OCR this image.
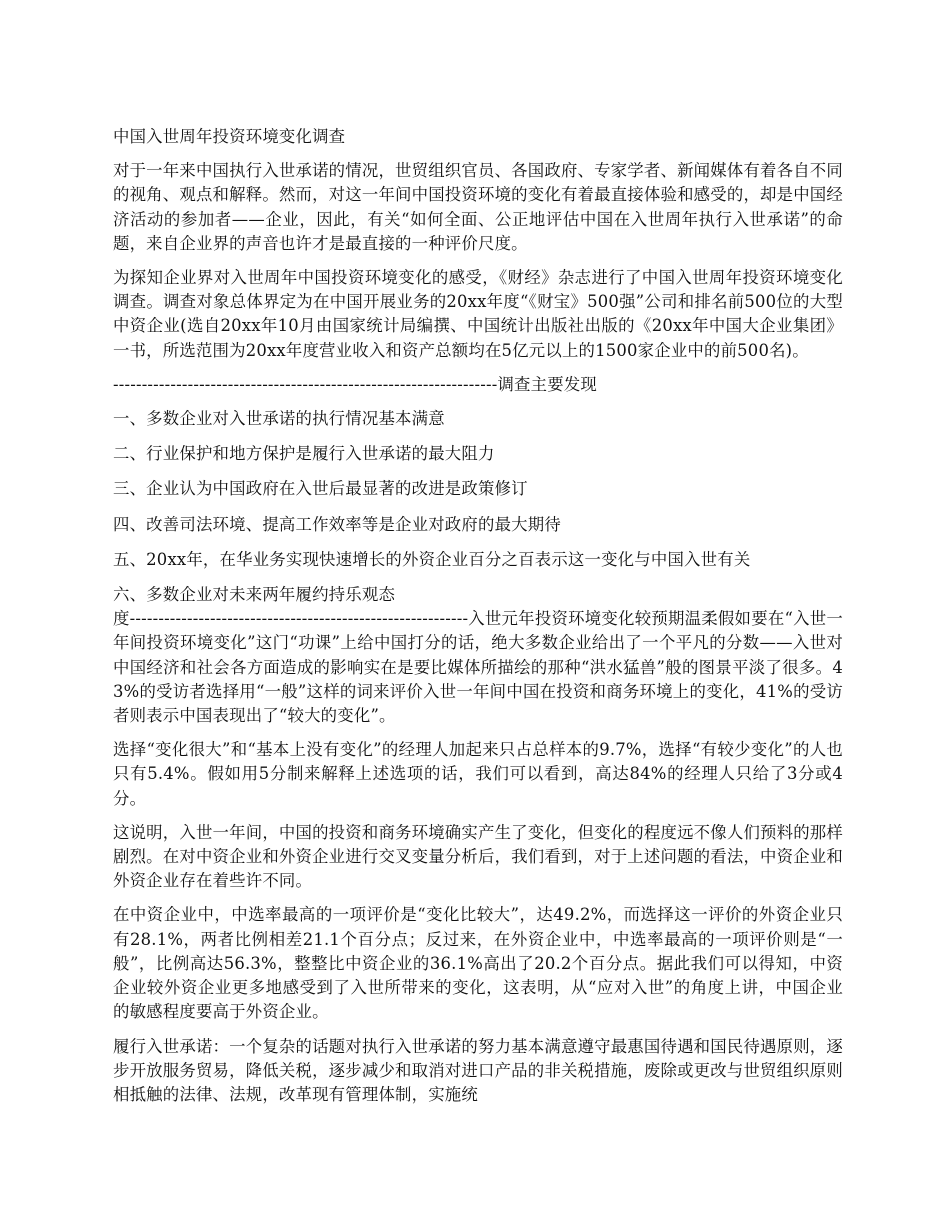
中国入世周年投资环境变化调查

对于一年来中国执行入世承诺的情况，世贸组织官员、各国政府、专家学者、新闻媒体有着各自不同的视角、观点和解释。然而，对这一年间中国投资环境的变化有着最直接体验和感受的，却是中国经济活动的参加者——企业，因此，有关“如何全面、公正地评估中国在入世周年执行入世承诺”的命题，来自企业界的声音也许才是最直接的一种评价尺度。

为探知企业界对入世周年中国投资环境变化的感受，《财经》杂志进行了中国入世周年投资环境变化调查。调查对象总体界定为在中国开展业务的20xx年度“《财宝》500强”公司和排名前500位的大型中资企业(选自20xx年10月由国家统计局编撰、中国统计出版社出版的《20xx年中国大企业集团》一书，所选范围为20xx年度营业收入和资产总额均在5亿元以上的1500家企业中的前500名)。

-------------------------------------------------------------------调查主要发现
一、多数企业对入世承诺的执行情况基本满意
二、行业保护和地方保护是履行入世承诺的最大阻力
三、企业认为中国政府在入世后最显著的改进是政策修订
四、改善司法环境、提高工作效率等是企业对政府的最大期待
五、20xx年，在华业务实现快速增长的外资企业百分之百表示这一变化与中国入世有关
六、多数企业对未来两年履约持乐观态

度-----------------------------------------------------------入世元年投资环境变化较预期温柔假如要在“入世一年间投资环境变化”这门“功课”上给中国打分的话，绝大多数企业给出了一个平凡的分数——入世对中国经济和社会各方面造成的影响实在是要比媒体所描绘的那种“洪水猛兽”般的图景平淡了很多。43%的受访者选择用“一般”这样的词来评价入世一年间中国在投资和商务环境上的变化，41%的受访者则表示中国表现出了“较大的变化”。

选择“变化很大”和“基本上没有变化”的经理人加起来只占总样本的9.7%，选择“有较少变化”的人也只有5.4%。假如用5分制来解释上述选项的话，我们可以看到，高达84%的经理人只给了3分或4分。

这说明，入世一年间，中国的投资和商务环境确实产生了变化，但变化的程度远不像人们预料的那样剧烈。在对中资企业和外资企业进行交叉变量分析后，我们看到，对于上述问题的看法，中资企业和外资企业存在着些许不同。

在中资企业中，中选率最高的一项评价是“变化比较大”，达49.2%，而选择这一评价的外资企业只有28.1%，两者比例相差21.1个百分点；反过来，在外资企业中，中选率最高的一项评价则是“一般”，比例高达56.3%，整整比中资企业的36.1%高出了20.2个百分点。据此我们可以得知，中资企业较外资企业更多地感受到了入世所带来的变化，这表明，从“应对入世”的角度上讲，中国企业的敏感程度要高于外资企业。

履行入世承诺：一个复杂的话题对执行入世承诺的努力基本满意遵守最惠国待遇和国民待遇原则，逐步开放服务贸易，降低关税，逐步减少和取消对进口产品的非关税措施，废除或更改与世贸组织原则相抵触的法律、法规，改革现有管理体制，实施统
